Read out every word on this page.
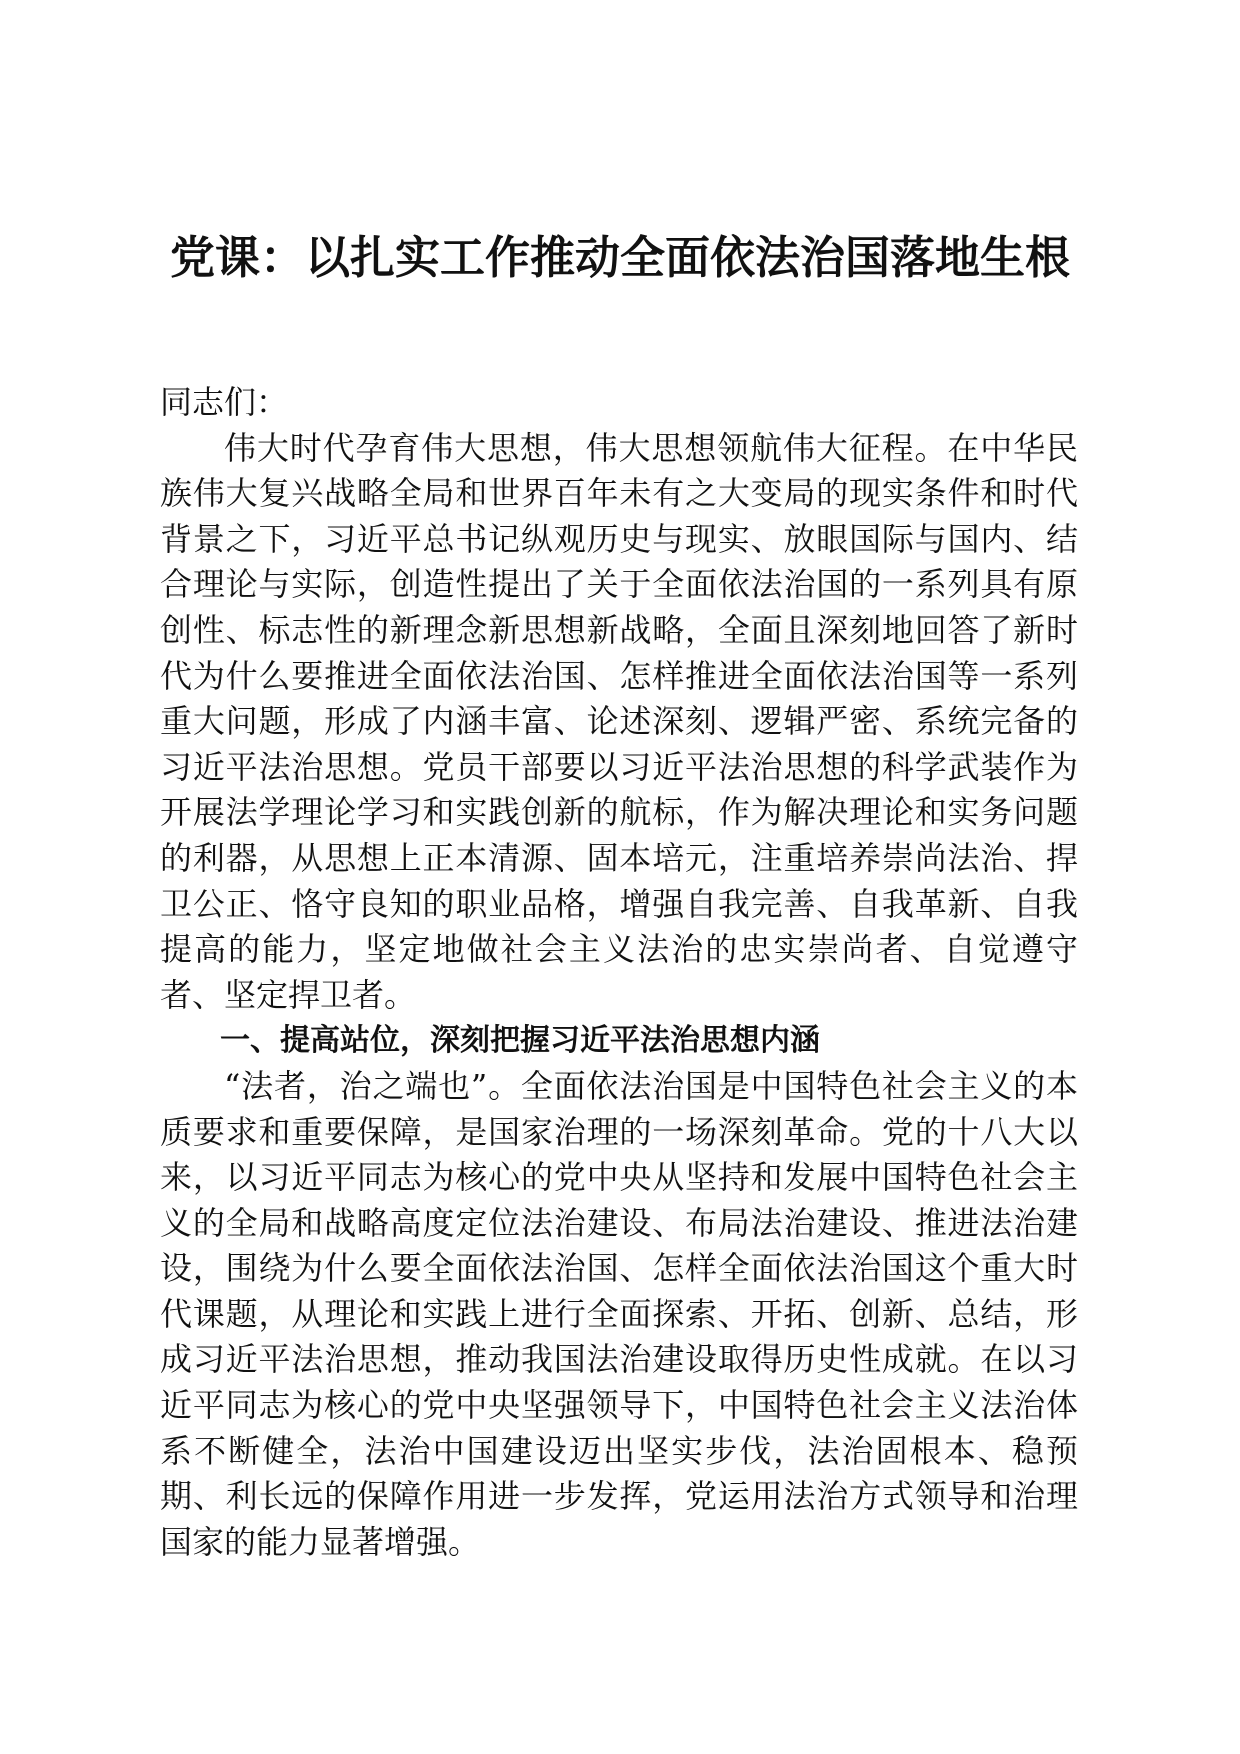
党课：以扎实工作推动全面依法治国落地生根

同志们：

伟大时代孕育伟大思想，伟大思想领航伟大征程。在中华民族伟大复兴战略全局和世界百年未有之大变局的现实条件和时代背景之下，习近平总书记纵观历史与现实、放眼国际与国内、结合理论与实际，创造性提出了关于全面依法治国的一系列具有原创性、标志性的新理念新思想新战略，全面且深刻地回答了新时代为什么要推进全面依法治国、怎样推进全面依法治国等一系列重大问题，形成了内涵丰富、论述深刻、逻辑严密、系统完备的习近平法治思想。党员干部要以习近平法治思想的科学武装作为开展法学理论学习和实践创新的航标，作为解决理论和实务问题的利器，从思想上正本清源、固本培元，注重培养崇尚法治、捍卫公正、恪守良知的职业品格，增强自我完善、自我革新、自我提高的能力，坚定地做社会主义法治的忠实崇尚者、自觉遵守者、坚定捍卫者。

一、提高站位，深刻把握习近平法治思想内涵

“法者，治之端也”。全面依法治国是中国特色社会主义的本质要求和重要保障，是国家治理的一场深刻革命。党的十八大以来，以习近平同志为核心的党中央从坚持和发展中国特色社会主义的全局和战略高度定位法治建设、布局法治建设、推进法治建设，围绕为什么要全面依法治国、怎样全面依法治国这个重大时代课题，从理论和实践上进行全面探索、开拓、创新、总结，形成习近平法治思想，推动我国法治建设取得历史性成就。在以习近平同志为核心的党中央坚强领导下，中国特色社会主义法治体系不断健全，法治中国建设迈出坚实步伐，法治固根本、稳预期、利长远的保障作用进一步发挥，党运用法治方式领导和治理国家的能力显著增强。
